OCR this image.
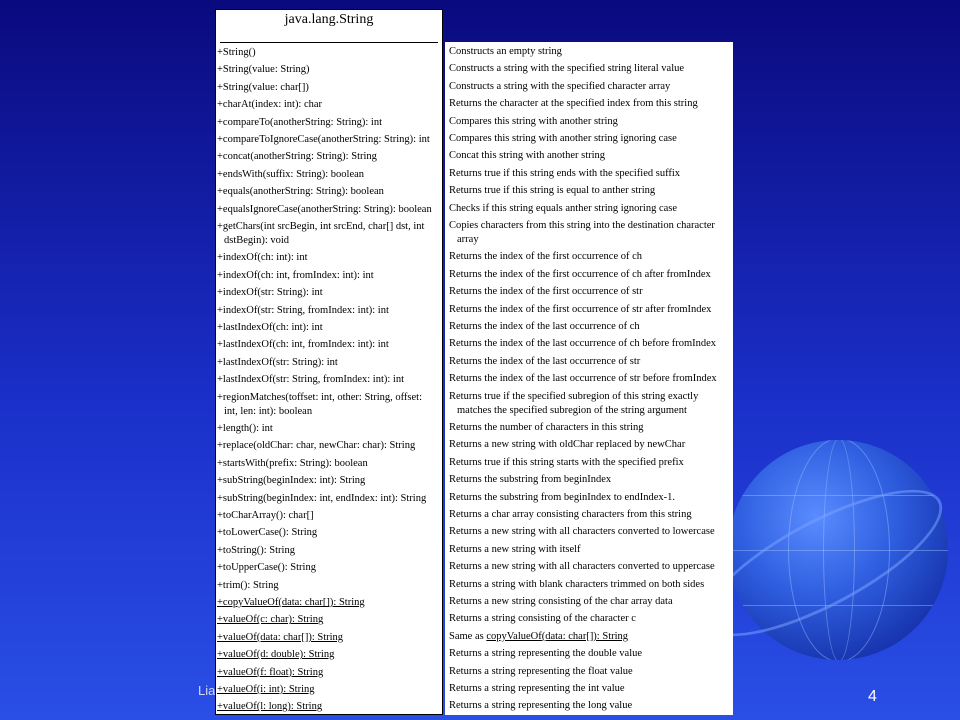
Lia	4
java.lang.String
+String()
+String(value: String)
+String(value: char[])
+charAt(index: int): char
+compareTo(anotherString: String): int
+compareToIgnoreCase(anotherString: String): int
+concat(anotherString: String): String
+endsWith(suffix: String): boolean
+equals(anotherString: String): boolean
+equalsIgnoreCase(anotherString: String): boolean
+getChars(int srcBegin, int srcEnd, char[] dst, int
dstBegin): void
+indexOf(ch: int): int
+indexOf(ch: int, fromIndex: int): int
+indexOf(str: String): int
+indexOf(str: String, fromIndex: int): int
+lastIndexOf(ch: int): int
+lastIndexOf(ch: int, fromIndex: int): int
+lastIndexOf(str: String): int
+lastIndexOf(str: String, fromIndex: int): int
+regionMatches(toffset: int, other: String, offset:
int, len: int): boolean
+length(): int
+replace(oldChar: char, newChar: char): String
+startsWith(prefix: String): boolean
+subString(beginIndex: int): String
+subString(beginIndex: int, endIndex: int): String
+toCharArray(): char[]
+toLowerCase(): String
+toString(): String
+toUpperCase(): String
+trim(): String
+copyValueOf(data: char[]): String
+valueOf(c: char): String
+valueOf(data: char[]): String
+valueOf(d: double): String
+valueOf(f: float): String
+valueOf(i: int): String
+valueOf(l: long): String
Constructs an empty string
Constructs a string with the specified string literal value
Constructs a string with the specified character array
Returns the character at the specified index from this string
Compares this string with another string
Compares this string with another string ignoring case
Concat this string with another string
Returns true if this string ends with the specified suffix
Returns true if this string is equal to anther string
Checks if this string equals anther string ignoring case
Copies characters from this string into the destination character
array
Returns the index of the first occurrence of ch
Returns the index of the first occurrence of ch after fromIndex
Returns the index of the first occurrence of str
Returns the index of the first occurrence of str after fromIndex
Returns the index of the last occurrence of ch
Returns the index of the last occurrence of ch before fromIndex
Returns the index of the last occurrence of str
Returns the index of the last occurrence of str before fromIndex
Returns true if the specified subregion of this string exactly
matches the specified subregion of the string argument
Returns the number of characters in this string
Returns a new string with oldChar replaced by newChar
Returns true if this string starts with the specified prefix
Returns the substring from beginIndex
Returns the substring from beginIndex to endIndex-1.
Returns a char array consisting characters from this string
Returns a new string with all characters converted to lowercase
Returns a new string with itself
Returns a new string with all characters converted to uppercase
Returns a string with blank characters trimmed on both sides
Returns a new string consisting of the char array data
Returns a string consisting of the character c
Same as copyValueOf(data: char[]): String
Returns a string representing the double value
Returns a string representing the float value
Returns a string representing the int value
Returns a string representing the long value
